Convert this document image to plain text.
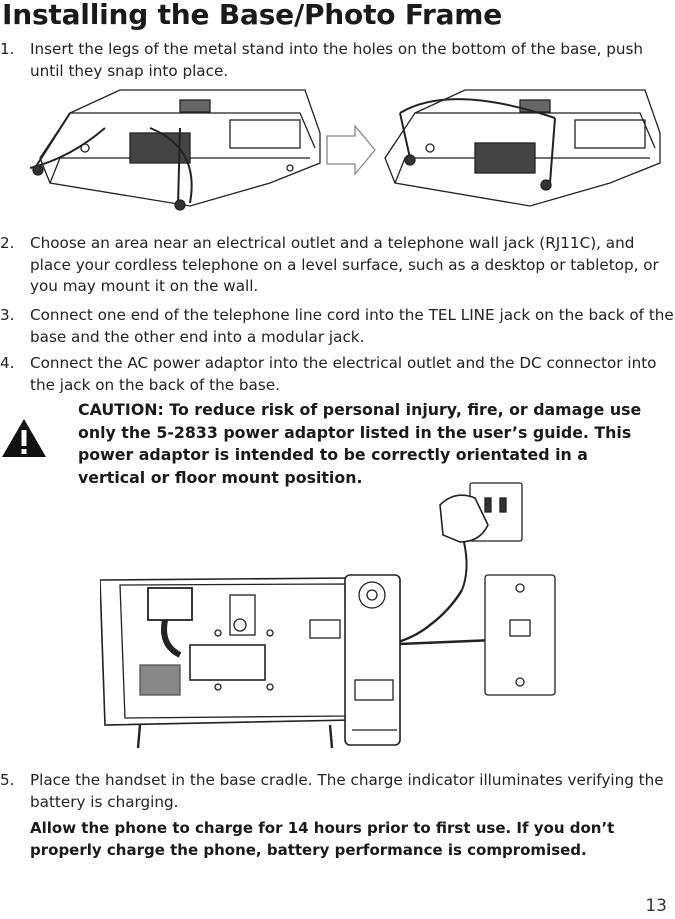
Installing the Base/Photo Frame
1.	Insert the legs of the metal stand into the holes on the bottom of the base, push until they snap into place.
2.	Choose an area near an electrical outlet and a telephone wall jack (RJ11C), and place your cordless telephone on a level surface, such as a desktop or tabletop, or you may mount it on the wall.
3.	Connect one end of the telephone line cord into the TEL LINE jack on the back of the base and the other end into a modular jack.
4.	Connect the AC power adaptor into the electrical outlet and the DC connector into the jack on the back of the base.
CAUTION: To reduce risk of personal injury, fire, or damage use only the 5-2833 power adaptor listed in the user’s guide. This power adaptor is intended to be correctly orientated in a vertical or floor mount position.
5.	Place the handset in the base cradle. The charge indicator illuminates verifying the battery is charging.
Allow the phone to charge for 14 hours prior to first use. If you don’t properly charge the phone, battery performance is compromised.
13
